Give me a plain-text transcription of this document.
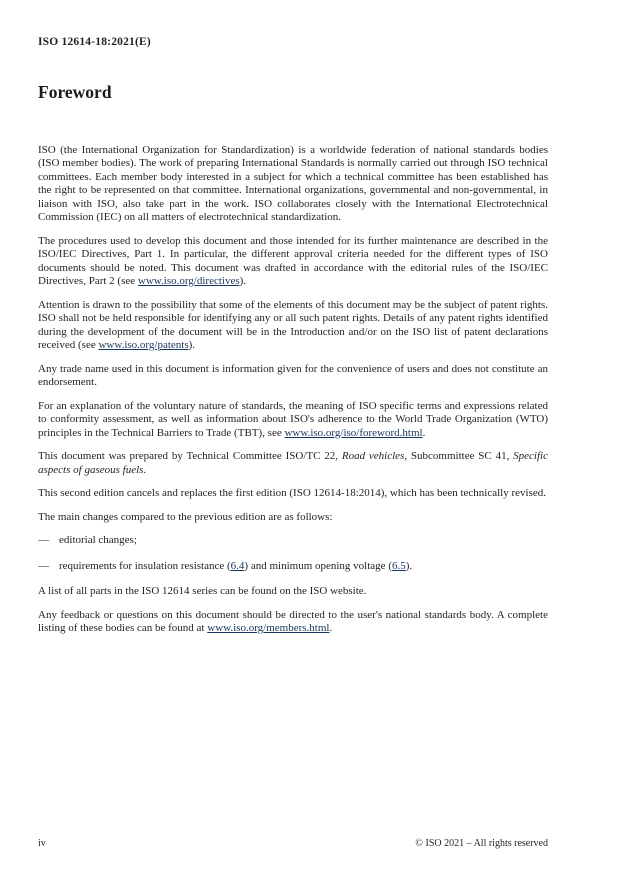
ISO 12614-18:2021(E)
Foreword

ISO (the International Organization for Standardization) is a worldwide federation of national standards bodies (ISO member bodies). The work of preparing International Standards is normally carried out through ISO technical committees. Each member body interested in a subject for which a technical committee has been established has the right to be represented on that committee. International organizations, governmental and non-governmental, in liaison with ISO, also take part in the work. ISO collaborates closely with the International Electrotechnical Commission (IEC) on all matters of electrotechnical standardization.

The procedures used to develop this document and those intended for its further maintenance are described in the ISO/IEC Directives, Part 1. In particular, the different approval criteria needed for the different types of ISO documents should be noted. This document was drafted in accordance with the editorial rules of the ISO/IEC Directives, Part 2 (see www.iso.org/directives).

Attention is drawn to the possibility that some of the elements of this document may be the subject of patent rights. ISO shall not be held responsible for identifying any or all such patent rights. Details of any patent rights identified during the development of the document will be in the Introduction and/or on the ISO list of patent declarations received (see www.iso.org/patents).

Any trade name used in this document is information given for the convenience of users and does not constitute an endorsement.

For an explanation of the voluntary nature of standards, the meaning of ISO specific terms and expressions related to conformity assessment, as well as information about ISO's adherence to the World Trade Organization (WTO) principles in the Technical Barriers to Trade (TBT), see www.iso.org/iso/foreword.html.

This document was prepared by Technical Committee ISO/TC 22, Road vehicles, Subcommittee SC 41, Specific aspects of gaseous fuels.

This second edition cancels and replaces the first edition (ISO 12614-18:2014), which has been technically revised.

The main changes compared to the previous edition are as follows:

— editorial changes;
— requirements for insulation resistance (6.4) and minimum opening voltage (6.5).

A list of all parts in the ISO 12614 series can be found on the ISO website.

Any feedback or questions on this document should be directed to the user's national standards body. A complete listing of these bodies can be found at www.iso.org/members.html.

iv	© ISO 2021 – All rights reserved
